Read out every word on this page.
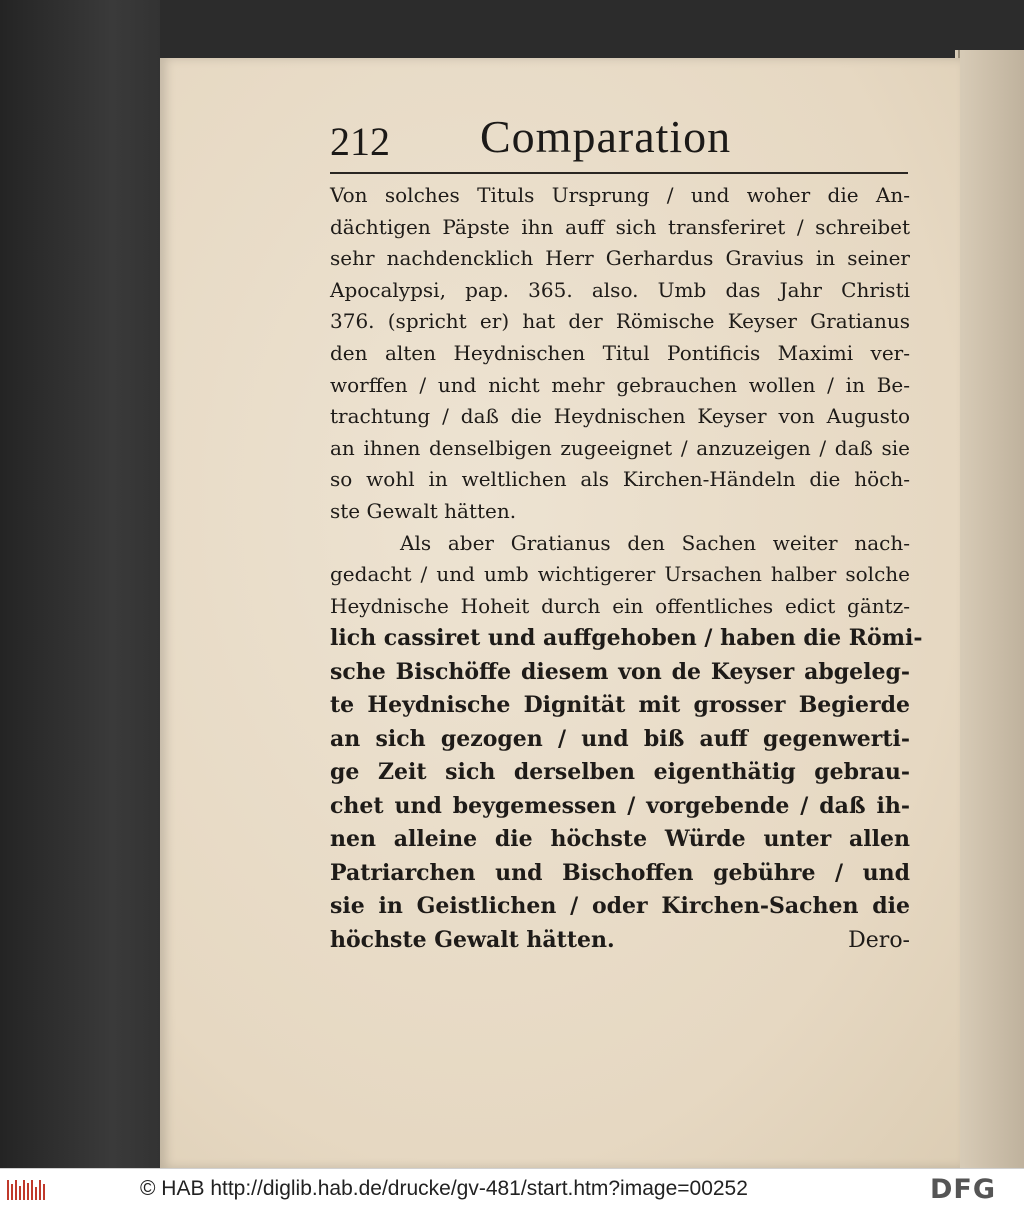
212 Comparation
Von solches Tituls Ursprung / und woher die An-
dächtigen Päpste ihn auff sich transferiret / schreibet
sehr nachdencklich Herr Gerhardus Gravius in seiner
Apocalypsi, pap. 365. also. Umb das Jahr Christi
376. (spricht er) hat der Römische Keyser Gratianus
den alten Heydnischen Titul Pontificis Maximi ver-
worffen / und nicht mehr gebrauchen wollen / in Be-
trachtung / daß die Heydnischen Keyser von Augusto
an ihnen denselbigen zugeeignet / anzuzeigen / daß sie
so wohl in weltlichen als Kirchen-Händeln die höch-
ste Gewalt hätten.
Als aber Gratianus den Sachen weiter nach-
gedacht / und umb wichtigerer Ursachen halber solche
Heydnische Hoheit durch ein offentliches edict gäntz-
lich cassiret und auffgehoben / haben die Römi-
sche Bischöffe diesem von de Keyser abgeleg-
te Heydnische Dignität mit grosser Begierde
an sich gezogen / und biß auff gegenwerti-
ge Zeit sich derselben eigenthätig gebrau-
chet und beygemessen / vorgebende / daß ih-
nen alleine die höchste Würde unter allen
Patriarchen und Bischoffen gebühre / und
sie in Geistlichen / oder Kirchen-Sachen die
höchste Gewalt hätten.	Dero-
© HAB http://diglib.hab.de/drucke/gv-481/start.htm?image=00252	DFG
